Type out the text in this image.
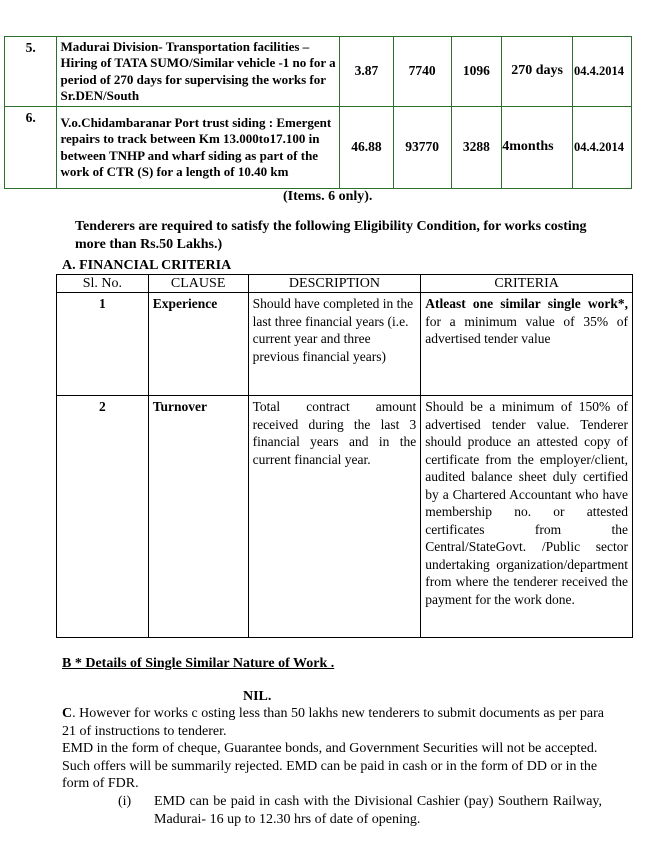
5.	Madurai Division- Transportation facilities – Hiring of TATA SUMO/Similar vehicle -1 no for a period of 270 days for supervising the works for Sr.DEN/South	3.87	7740	1096	270 days	04.4.2014
6.	V.o.Chidambaranar Port trust siding : Emergent repairs to track between Km 13.000to17.100 in between TNHP and wharf siding as part of the work of CTR (S) for a length of 10.40 km	46.88	93770	3288	4months	04.4.2014
(Items. 6 only).
Tenderers are required to satisfy the following Eligibility Condition, for works costing more than Rs.50 Lakhs.)
A. FINANCIAL CRITERIA
Sl. No.	CLAUSE	DESCRIPTION	CRITERIA
1	Experience	Should have completed in the last three financial years (i.e. current year and three previous financial years)	Atleast one similar single work*, for a minimum value of 35% of advertised tender value
2	Turnover	Total contract amount received during the last 3 financial years and in the current financial year.	Should be a minimum of 150% of advertised tender value. Tenderer should produce an attested copy of certificate from the employer/client, audited balance sheet duly certified by a Chartered Accountant who have membership no. or attested certificates from the Central/StateGovt. /Public sector undertaking organization/department from where the tenderer received the payment for the work done.
B * Details of Single Similar Nature of Work .
NIL.
C. However for works c osting less than 50 lakhs new tenderers to submit documents as per para 21 of instructions to tenderer.
EMD in the form of cheque, Guarantee bonds, and Government Securities will not be accepted. Such offers will be summarily rejected. EMD can be paid in cash or in the form of DD or in the form of FDR.
(i) EMD can be paid in cash with the Divisional Cashier (pay) Southern Railway, Madurai- 16 up to 12.30 hrs of date of opening.
